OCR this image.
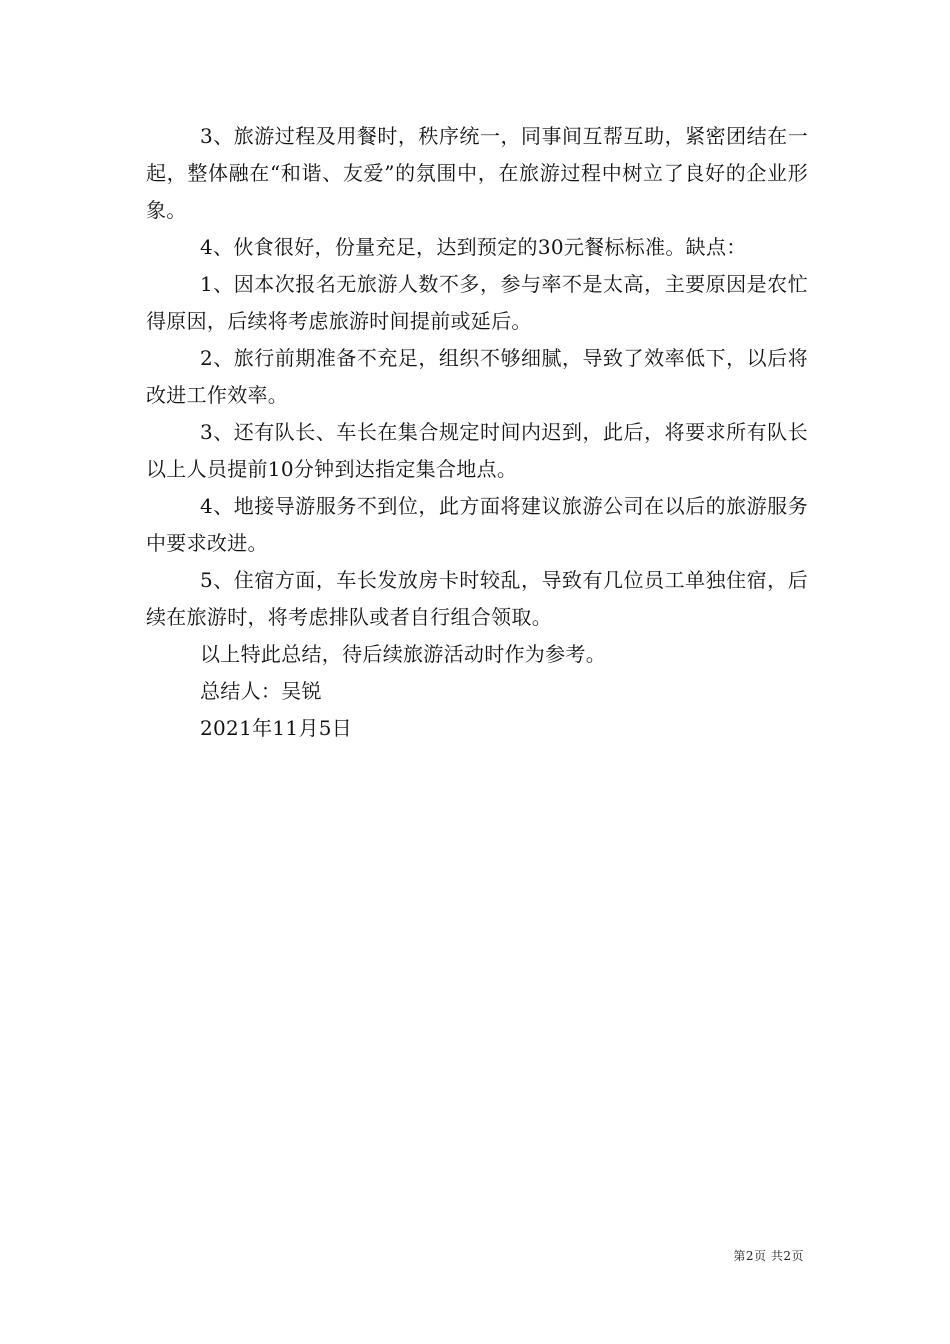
3、旅游过程及用餐时，秩序统一，同事间互帮互助，紧密团结在一起，整体融在“和谐、友爱”的氛围中，在旅游过程中树立了良好的企业形象。

4、伙食很好，份量充足，达到预定的30元餐标标准。缺点：

1、因本次报名无旅游人数不多，参与率不是太高，主要原因是农忙得原因，后续将考虑旅游时间提前或延后。

2、旅行前期准备不充足，组织不够细腻，导致了效率低下，以后将改进工作效率。

3、还有队长、车长在集合规定时间内迟到，此后，将要求所有队长以上人员提前10分钟到达指定集合地点。

4、地接导游服务不到位，此方面将建议旅游公司在以后的旅游服务中要求改进。

5、住宿方面，车长发放房卡时较乱，导致有几位员工单独住宿，后续在旅游时，将考虑排队或者自行组合领取。

以上特此总结，待后续旅游活动时作为参考。

总结人：吴锐

2021年11月5日

第2页 共2页
